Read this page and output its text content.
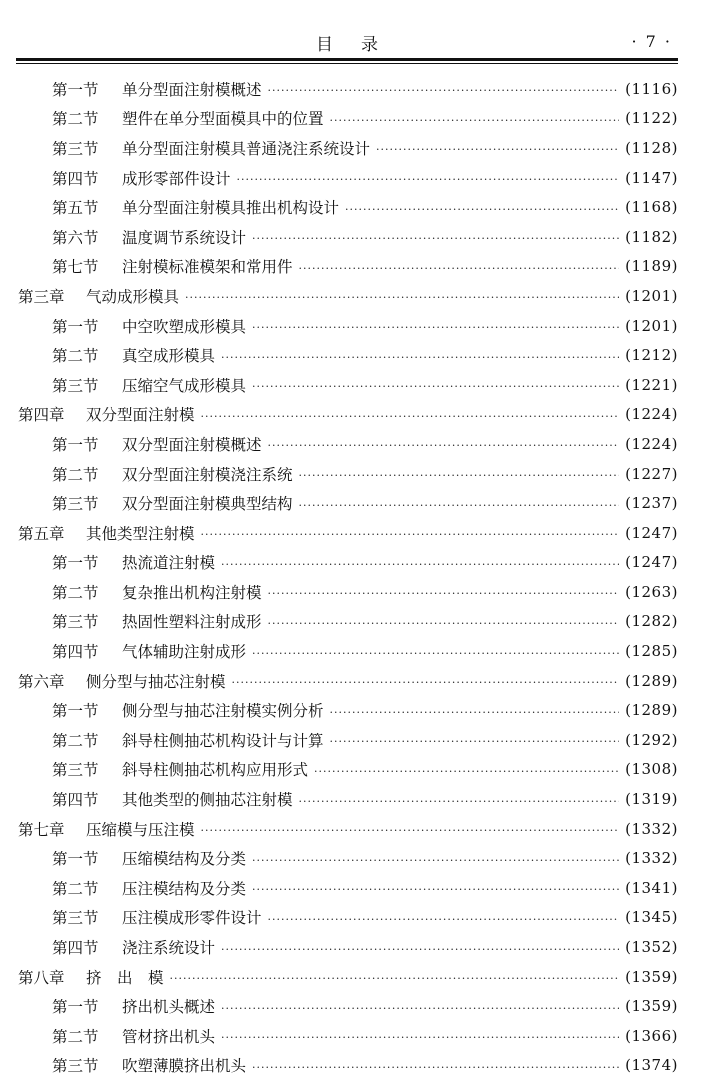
目录	· 7 ·
第一节	单分型面注射模概述 ·····	(1116)
第二节	塑件在单分型面模具中的位置 ·····	(1122)
第三节	单分型面注射模具普通浇注系统设计 ·····	(1128)
第四节	成形零部件设计 ·····	(1147)
第五节	单分型面注射模具推出机构设计 ·····	(1168)
第六节	温度调节系统设计 ·····	(1182)
第七节	注射模标准模架和常用件 ·····	(1189)
第三章	气动成形模具 ·····	(1201)
第一节	中空吹塑成形模具 ·····	(1201)
第二节	真空成形模具 ·····	(1212)
第三节	压缩空气成形模具 ·····	(1221)
第四章	双分型面注射模 ·····	(1224)
第一节	双分型面注射模概述 ·····	(1224)
第二节	双分型面注射模浇注系统 ·····	(1227)
第三节	双分型面注射模典型结构 ·····	(1237)
第五章	其他类型注射模 ·····	(1247)
第一节	热流道注射模 ·····	(1247)
第二节	复杂推出机构注射模 ·····	(1263)
第三节	热固性塑料注射成形 ·····	(1282)
第四节	气体辅助注射成形 ·····	(1285)
第六章	侧分型与抽芯注射模 ·····	(1289)
第一节	侧分型与抽芯注射模实例分析 ·····	(1289)
第二节	斜导柱侧抽芯机构设计与计算 ·····	(1292)
第三节	斜导柱侧抽芯机构应用形式 ·····	(1308)
第四节	其他类型的侧抽芯注射模 ·····	(1319)
第七章	压缩模与压注模 ·····	(1332)
第一节	压缩模结构及分类 ·····	(1332)
第二节	压注模结构及分类 ·····	(1341)
第三节	压注模成形零件设计 ·····	(1345)
第四节	浇注系统设计 ·····	(1352)
第八章	挤　出　模 ·····	(1359)
第一节	挤出机头概述 ·····	(1359)
第二节	管材挤出机头 ·····	(1366)
第三节	吹塑薄膜挤出机头 ·····	(1374)
